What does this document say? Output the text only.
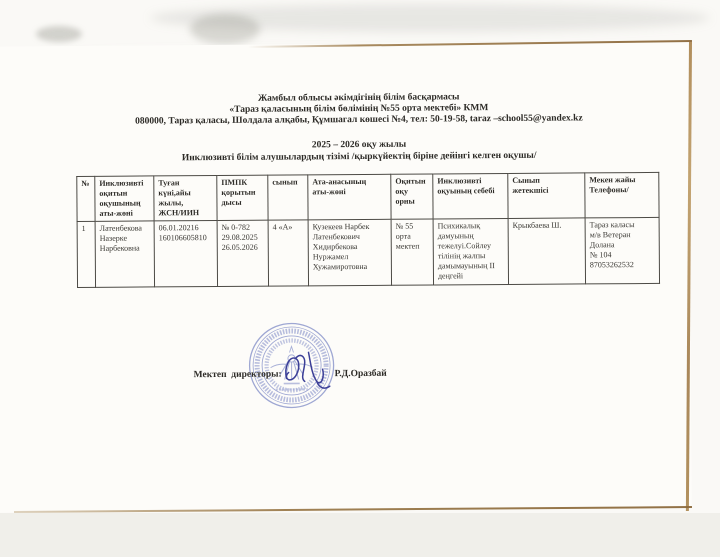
Жамбыл облысы әкімдігінің білім басқармасы
«Тараз қаласының білім бөлімінің №55 орта мектебі» КММ
080000, Тараз қаласы, Шолдала алқабы, Құмшагал көшесі №4, тел: 50-19-58, taraz –school55@yandex.kz
2025 – 2026 оқу жылы
Инклюзивті білім алушылардың тізімі /қыркүйектің біріне дейінгі келген оқушы/
№	Инклюзивті
оқитын
оқушының
аты-жөні	Туған
күні,айы
жылы,
ЖСН/ИИН	ПМПК
қорытын
дысы	сынып	Ата-анасының
аты-жөні	Оқитын
оқу
орны	Инклюзивті
оқуының себебі	Сынып
жетекшісі	Мекен жайы
Телефоны/
1	Латенбекова
Назерке
Нарбековна	06.01.20216
160106605810	№ 0-782
29.08.2025
26.05.2026	4 «А»	Кузекеев Нарбек
Латенбекович
Хидирбекова
Нуржамел
Хужамиротовна	№ 55
орта
мектеп	Психикалық
дамуының
тежелуі.Сойлеу
тілінің жалпы
дамымауының II
деңгейі	Крыкбаева Ш.	Тараз каласы
м/в Ветеран
Долана
№ 104
87053262532
Мектеп  директоры:	Р.Д.Оразбай
